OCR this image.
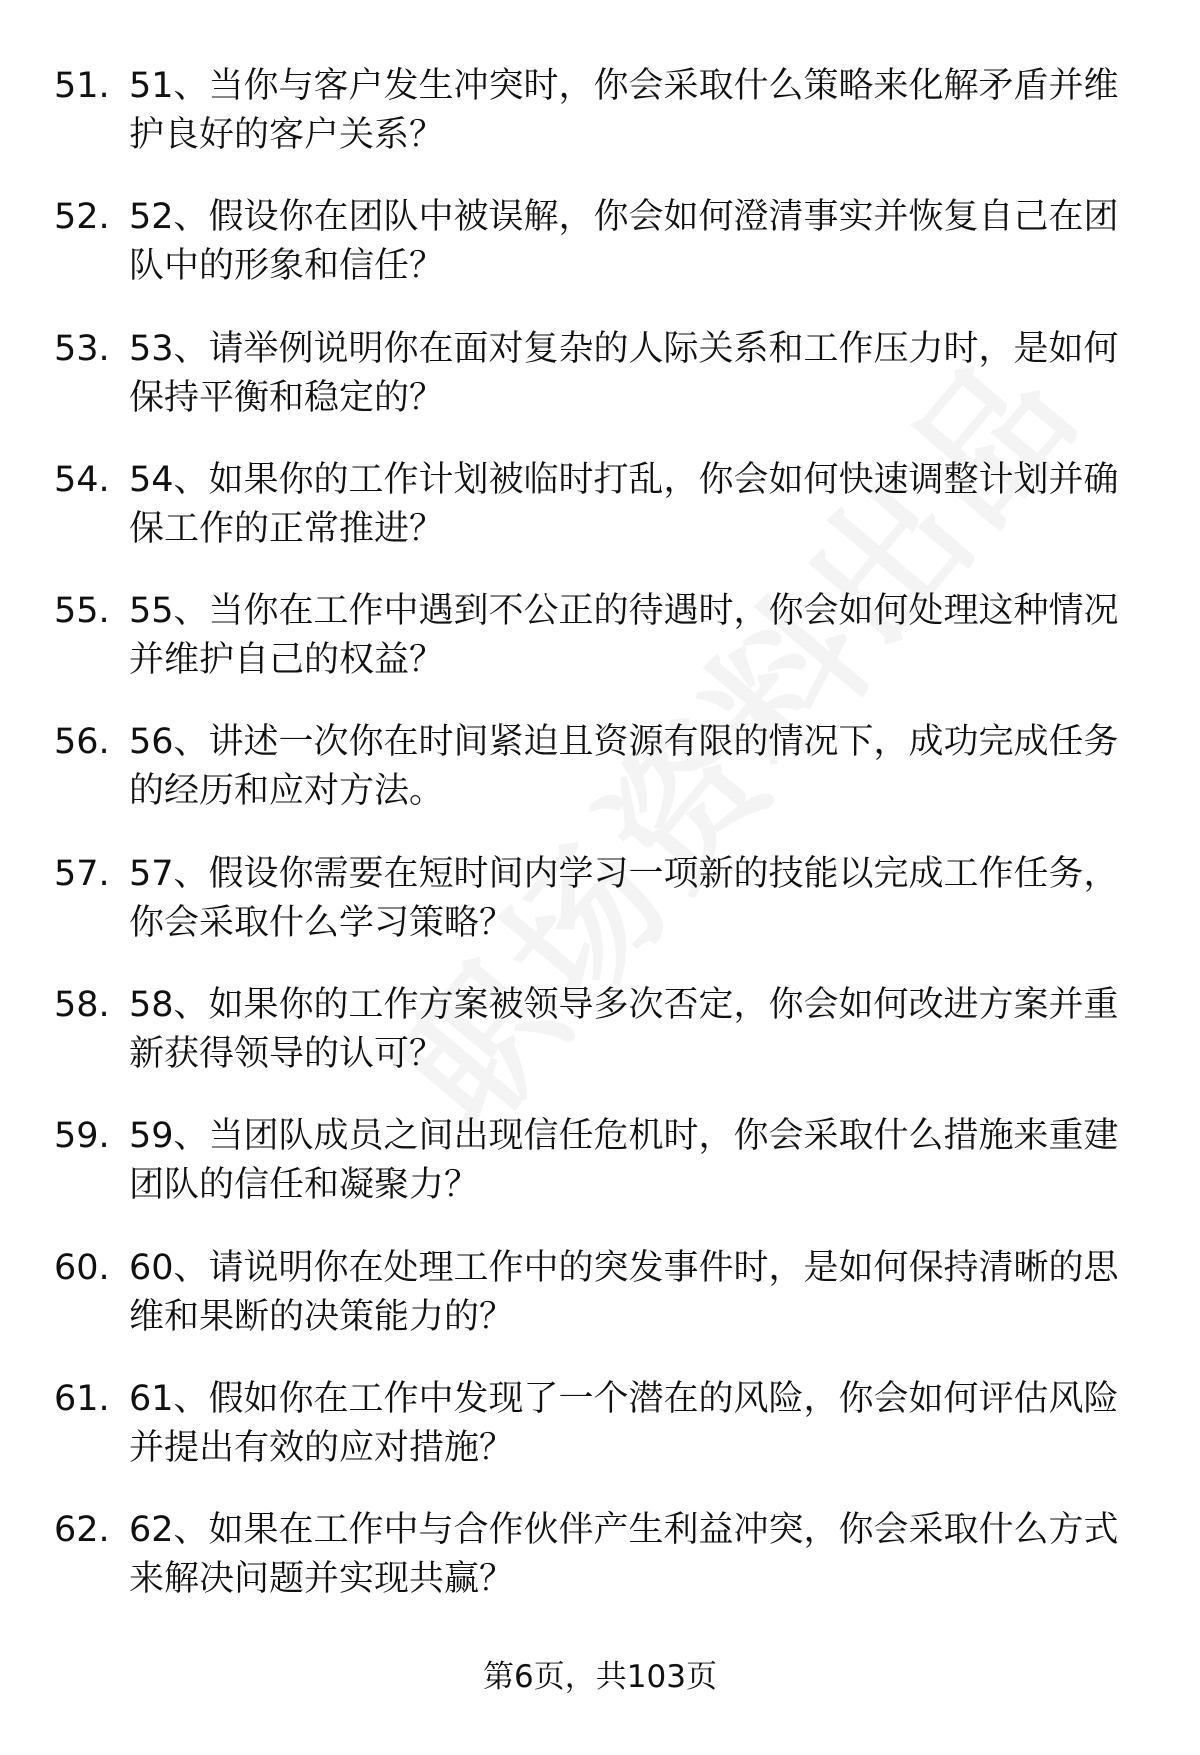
51. 51、当你与客户发生冲突时，你会采取什么策略来化解矛盾并维护良好的客户关系？
52. 52、假设你在团队中被误解，你会如何澄清事实并恢复自己在团队中的形象和信任？
53. 53、请举例说明你在面对复杂的人际关系和工作压力时，是如何保持平衡和稳定的？
54. 54、如果你的工作计划被临时打乱，你会如何快速调整计划并确保工作的正常推进？
55. 55、当你在工作中遇到不公正的待遇时，你会如何处理这种情况并维护自己的权益？
56. 56、讲述一次你在时间紧迫且资源有限的情况下，成功完成任务的经历和应对方法。
57. 57、假设你需要在短时间内学习一项新的技能以完成工作任务，你会采取什么学习策略？
58. 58、如果你的工作方案被领导多次否定，你会如何改进方案并重新获得领导的认可？
59. 59、当团队成员之间出现信任危机时，你会采取什么措施来重建团队的信任和凝聚力？
60. 60、请说明你在处理工作中的突发事件时，是如何保持清晰的思维和果断的决策能力的？
61. 61、假如你在工作中发现了一个潜在的风险，你会如何评估风险并提出有效的应对措施？
62. 62、如果在工作中与合作伙伴产生利益冲突，你会采取什么方式来解决问题并实现共赢？
第6页，共103页
